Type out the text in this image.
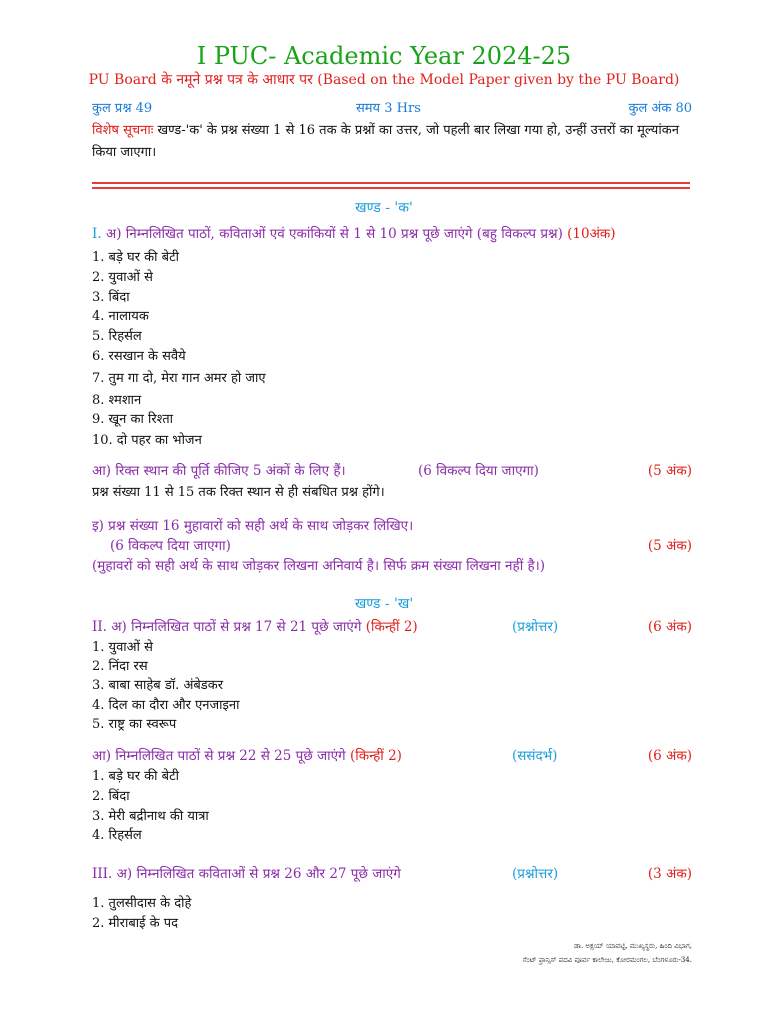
I PUC- Academic Year 2024-25
PU Board के नमूने प्रश्न पत्र के आधार पर (Based on the Model Paper given by the PU Board)
कुल प्रश्न 49	समय 3 Hrs	कुल अंक 80
विशेष सूचनाः खण्ड-'क' के प्रश्न संख्या 1 से 16 तक के प्रश्नों का उत्तर, जो पहली बार लिखा गया हो, उन्हीं उत्तरों का मूल्यांकन किया जाएगा।
खण्ड - 'क'
I. अ) निम्नलिखित पाठों, कविताओं एवं एकांकियों से 1 से 10 प्रश्न पूछे जाएंगे (बहु विकल्प प्रश्न) (10अंक)
1. बड़े घर की बेटी
2. युवाओं से
3. बिंदा
4. नालायक
5. रिहर्सल
6. रसखान के सवैये
7. तुम गा दो, मेरा गान अमर हो जाए
8. श्मशान
9. खून का रिश्ता
10. दो पहर का भोजन
आ) रिक्त स्थान की पूर्ति कीजिए 5 अंकों के लिए हैं।	(6 विकल्प दिया जाएगा)	(5 अंक)
प्रश्न संख्या 11 से 15 तक रिक्त स्थान से ही संबधित प्रश्न होंगे।
इ) प्रश्न संख्या 16 मुहावारों को सही अर्थ के साथ जोड़कर लिखिए।
(6 विकल्प दिया जाएगा)	(5 अंक)
(मुहावरों को सही अर्थ के साथ जोड़कर लिखना अनिवार्य है। सिर्फ क्रम संख्या लिखना नहीं है।)
खण्ड - 'ख'
II. अ) निम्नलिखित पाठों से प्रश्न 17 से 21 पूछे जाएंगे (किन्हीं 2)	(प्रश्नोत्तर)	(6 अंक)
1. युवाओं से
2. निंदा रस
3. बाबा साहेब डॉ. अंबेडकर
4. दिल का दौरा और एनजाइना
5. राष्ट्र का स्वरूप
आ) निम्नलिखित पाठों से प्रश्न 22 से 25 पूछे जाएंगे (किन्हीं 2)	(ससंदर्भ)	(6 अंक)
1. बड़े घर की बेटी
2. बिंदा
3. मेरी बद्रीनाथ की यात्रा
4. रिहर्सल
III. अ) निम्नलिखित कविताओं से प्रश्न 26 और 27 पूछे जाएंगे	(प्रश्नोत्तर)	(3 अंक)
1. तुलसीदास के दोहे
2. मीराबाई के पद
ಡಾ. ಅಕ್ಷಯ್ ಯಾವಟ್ಟಿ, ಮುಖ್ಯಸ್ಥರು, ಹಿಂದಿ ವಿಭಾಗ,
ಸೆಂಟ್ ಫ್ರಾನ್ಸಿಸ್ ಪದವಿ ಪೂರ್ವ ಕಾಲೇಜು, ಕೋರಮಂಗಲ, ಬೆಂಗಳೂರು-34.
